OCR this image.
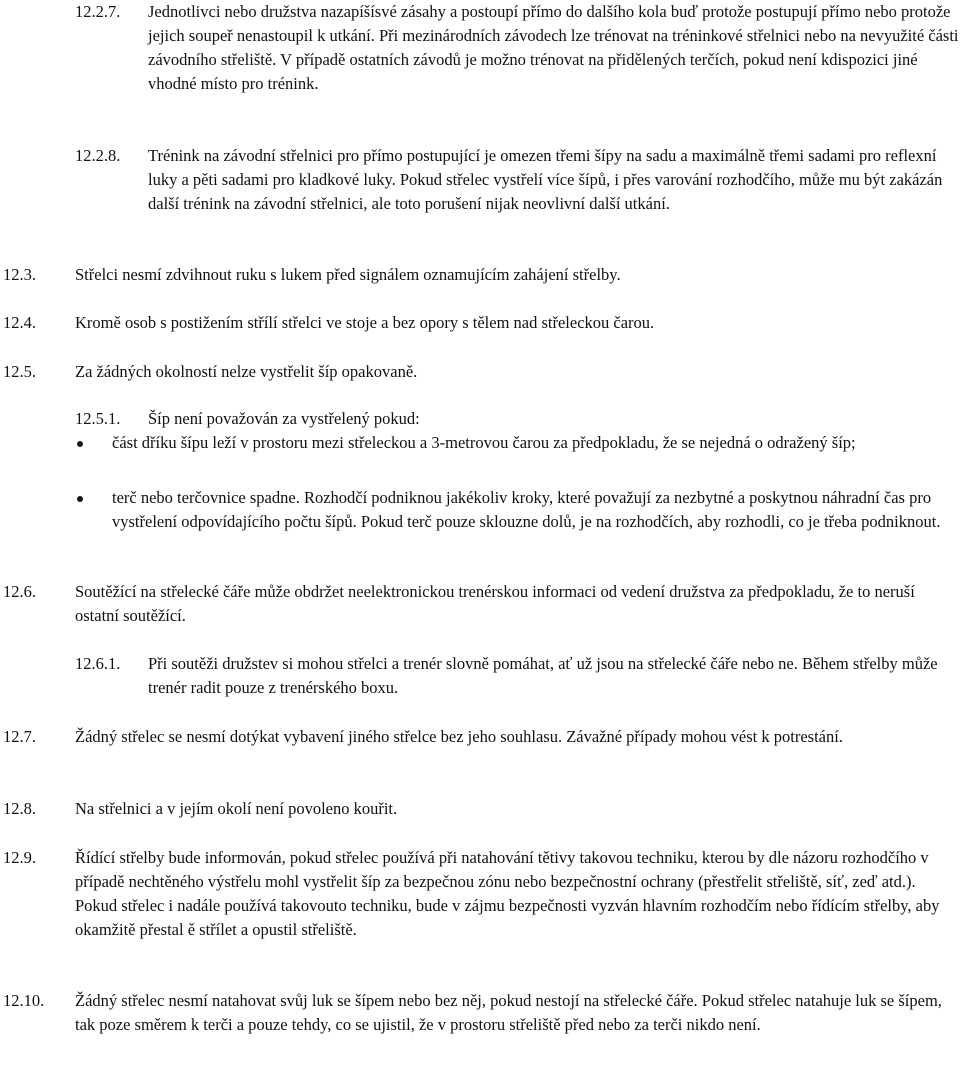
12.2.7. Jednotlivci nebo družstva nazapíšísvé zásahy a postoupí přímo do dalšího kola buď protože postupují přímo nebo protože jejich soupeř nenastoupil k utkání. Při mezinárodních závodech lze trénovat na tréninkové střelnici nebo na nevyužité části závodního střeliště. V případě ostatních závodů je možno trénovat na přidělených terčích, pokud není kdispozici jiné vhodné místo pro trénink.
12.2.8. Trénink na závodní střelnici pro přímo postupující je omezen třemi šípy na sadu a maximálně třemi sadami pro reflexní luky a pěti sadami pro kladkové luky. Pokud střelec vystřelí více šípů, i přes varování rozhodčího, může mu být zakázán další trénink na závodní střelnici, ale toto porušení nijak neovlivní další utkání.
12.3. Střelci nesmí zdvihnout ruku s lukem před signálem oznamujícím zahájení střelby.
12.4. Kromě osob s postižením střílí střelci ve stoje a bez opory s tělem nad střeleckou čarou.
12.5. Za žádných okolností nelze vystřelit šíp opakovaně.
12.5.1. Šíp není považován za vystřelený pokud:
část dříku šípu leží v prostoru mezi střeleckou a 3-metrovou čarou za předpokladu, že se nejedná o odražený šíp;
terč nebo terčovnice spadne. Rozhodčí podniknou jakékoliv kroky, které považují za nezbytné a poskytnou náhradní čas pro vystřelení odpovídajícího počtu šípů. Pokud terč pouze sklouzne dolů, je na rozhodčích, aby rozhodli, co je třeba podniknout.
12.6. Soutěžící na střelecké čáře může obdržet neelektronickou trenérskou informaci od vedení družstva za předpokladu, že to neruší ostatní soutěžící.
12.6.1. Při soutěži družstev si mohou střelci a trenér slovně pomáhat, ať už jsou na střelecké čáře nebo ne. Během střelby může trenér radit pouze z trenérského boxu.
12.7. Žádný střelec se nesmí dotýkat vybavení jiného střelce bez jeho souhlasu. Závažné případy mohou vést k potrestání.
12.8. Na střelnici a v jejím okolí není povoleno kouřit.
12.9. Řídící střelby bude informován, pokud střelec používá při natahování tětivy takovou techniku, kterou by dle názoru rozhodčího v případě nechtěného výstřelu mohl vystřelit šíp za bezpečnou zónu nebo bezpečnostní ochrany (přestřelit střeliště, síť, zeď atd.). Pokud střelec i nadále používá takovouto techniku, bude v zájmu bezpečnosti vyzván hlavním rozhodčím nebo řídícím střelby, aby okamžitě přestal ě střílet a opustil střeliště.
12.10. Žádný střelec nesmí natahovat svůj luk se šípem nebo bez něj, pokud nestojí na střelecké čáře. Pokud střelec natahuje luk se šípem, tak poze směrem k terči a pouze tehdy, co se ujistil, že v prostoru střeliště před nebo za terči nikdo není.
